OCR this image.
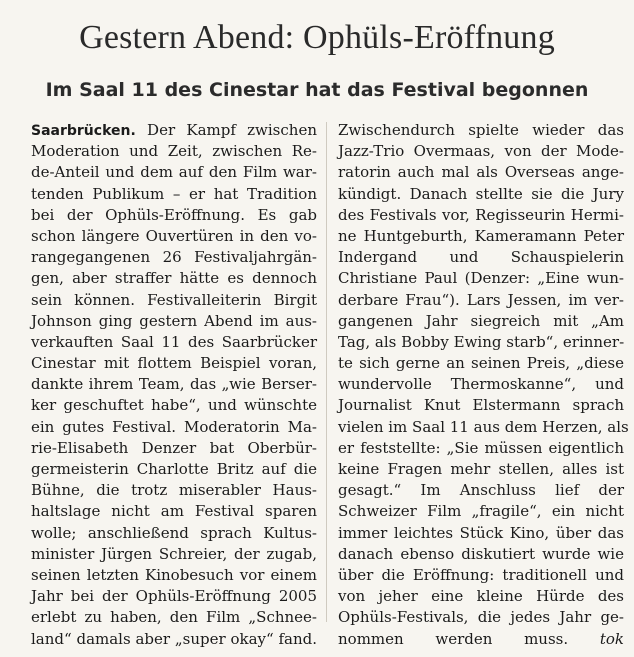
Gestern Abend: Ophüls-Eröffnung
Im Saal 11 des Cinestar hat das Festival begonnen
Saarbrücken. Der Kampf zwischen
Moderation und Zeit, zwischen Re-
de-Anteil und dem auf den Film war-
tenden Publikum – er hat Tradition
bei der Ophüls-Eröffnung. Es gab
schon längere Ouvertüren in den vo-
rangegangenen 26 Festivaljahrgän-
gen, aber straffer hätte es dennoch
sein können. Festivalleiterin Birgit
Johnson ging gestern Abend im aus-
verkauften Saal 11 des Saarbrücker
Cinestar mit flottem Beispiel voran,
dankte ihrem Team, das „wie Berser-
ker geschuftet habe“, und wünschte
ein gutes Festival. Moderatorin Ma-
rie-Elisabeth Denzer bat Oberbür-
germeisterin Charlotte Britz auf die
Bühne, die trotz miserabler Haus-
haltslage nicht am Festival sparen
wolle; anschließend sprach Kultus-
minister Jürgen Schreier, der zugab,
seinen letzten Kinobesuch vor einem
Jahr bei der Ophüls-Eröffnung 2005
erlebt zu haben, den Film „Schnee-
land“ damals aber „super okay“ fand.
Zwischendurch spielte wieder das
Jazz-Trio Overmaas, von der Mode-
ratorin auch mal als Overseas ange-
kündigt. Danach stellte sie die Jury
des Festivals vor, Regisseurin Hermi-
ne Huntgeburth, Kameramann Peter
Indergand und Schauspielerin
Christiane Paul (Denzer: „Eine wun-
derbare Frau“). Lars Jessen, im ver-
gangenen Jahr siegreich mit „Am
Tag, als Bobby Ewing starb“, erinner-
te sich gerne an seinen Preis, „diese
wundervolle Thermoskanne“, und
Journalist Knut Elstermann sprach
vielen im Saal 11 aus dem Herzen, als
er feststellte: „Sie müssen eigentlich
keine Fragen mehr stellen, alles ist
gesagt.“ Im Anschluss lief der
Schweizer Film „fragile“, ein nicht
immer leichtes Stück Kino, über das
danach ebenso diskutiert wurde wie
über die Eröffnung: traditionell und
von jeher eine kleine Hürde des
Ophüls-Festivals, die jedes Jahr ge-
nommen werden muss. tok
